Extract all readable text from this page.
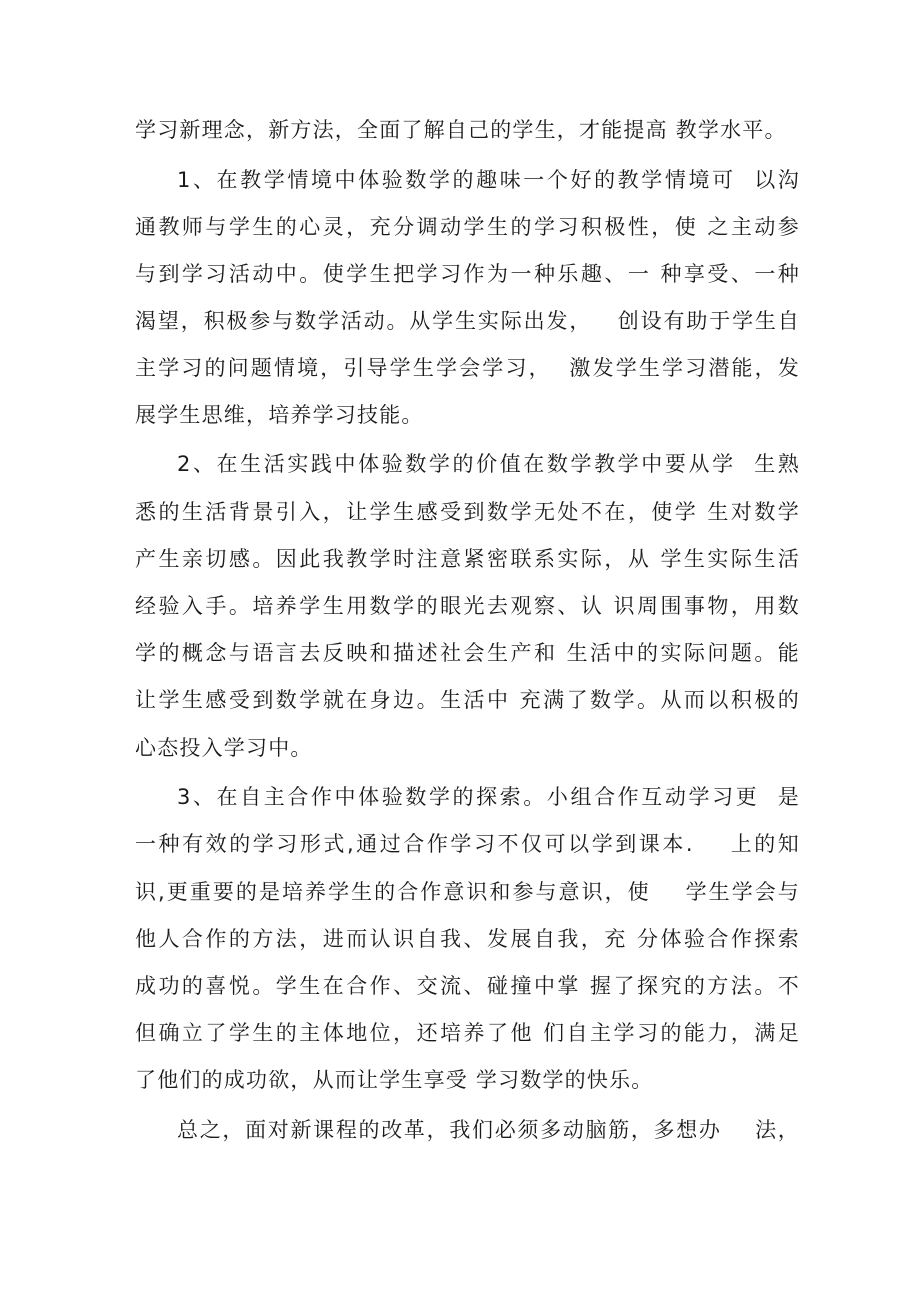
学习新理念，新方法，全面了解自己的学生，才能提高 教学水平。
1、在教学情境中体验数学的趣味一个好的教学情境可  以沟
通教师与学生的心灵，充分调动学生的学习积极性，使 之主动参
与到学习活动中。使学生把学习作为一种乐趣、一 种享受、一种
渴望，积极参与数学活动。从学生实际出发，   创设有助于学生自
主学习的问题情境，引导学生学会学习，  激发学生学习潜能，发
展学生思维，培养学习技能。
2、在生活实践中体验数学的价值在数学教学中要从学  生熟
悉的生活背景引入，让学生感受到数学无处不在，使学 生对数学
产生亲切感。因此我教学时注意紧密联系实际，从 学生实际生活
经验入手。培养学生用数学的眼光去观察、认 识周围事物，用数
学的概念与语言去反映和描述社会生产和 生活中的实际问题。能
让学生感受到数学就在身边。生活中 充满了数学。从而以积极的
心态投入学习中。
3、在自主合作中体验数学的探索。小组合作互动学习更  是
一种有效的学习形式,通过合作学习不仅可以学到课本.    上的知
识,更重要的是培养学生的合作意识和参与意识，使    学生学会与
他人合作的方法，进而认识自我、发展自我，充 分体验合作探索
成功的喜悦。学生在合作、交流、碰撞中掌 握了探究的方法。不
但确立了学生的主体地位，还培养了他 们自主学习的能力，满足
了他们的成功欲，从而让学生享受 学习数学的快乐。
总之，面对新课程的改革，我们必须多动脑筋，多想办    法，
